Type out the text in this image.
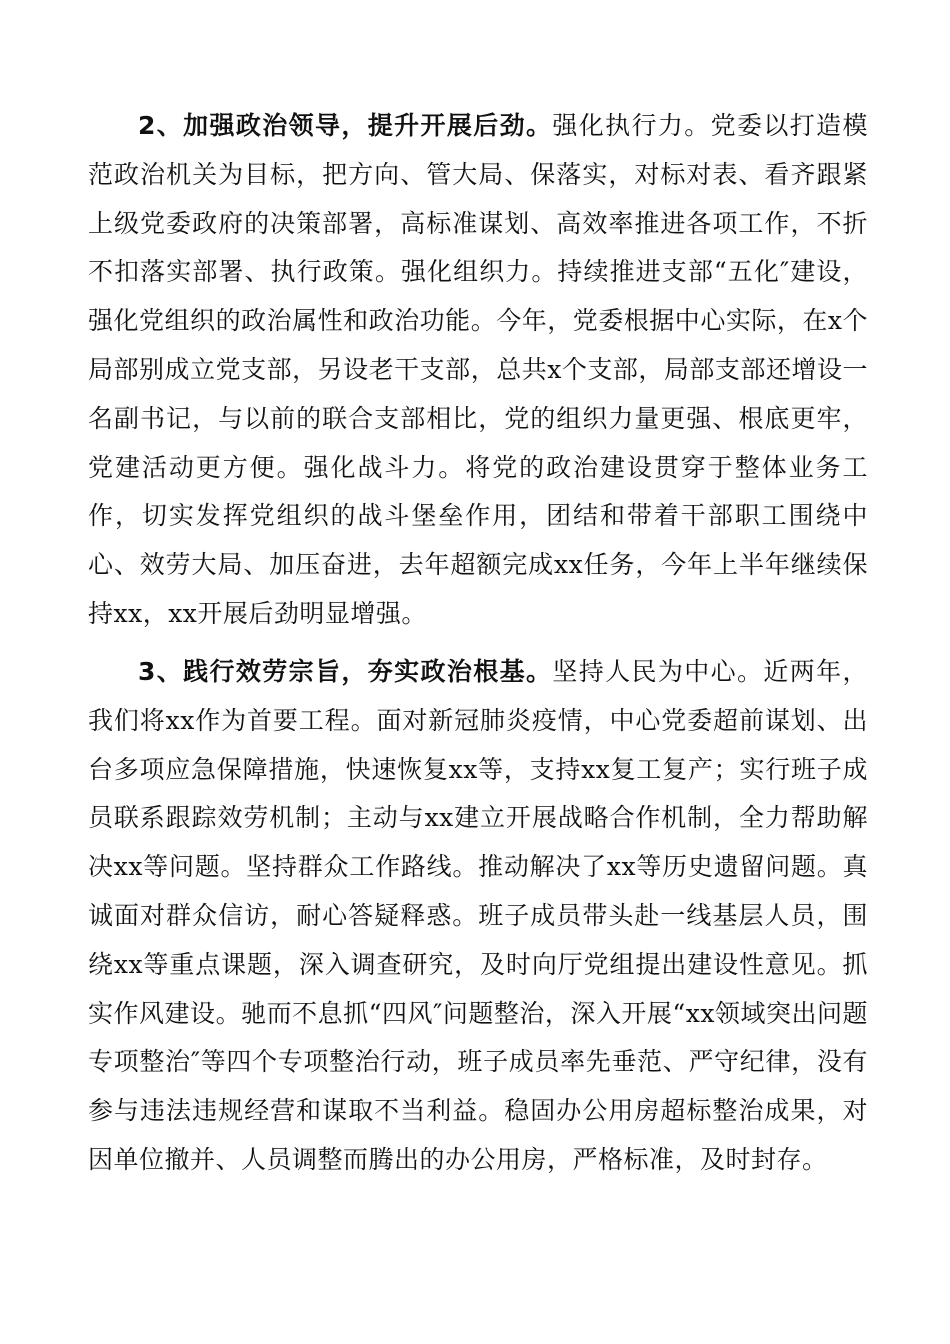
2、加强政治领导，提升开展后劲。强化执行力。党委以打造模范政治机关为目标，把方向、管大局、保落实，对标对表、看齐跟紧上级党委政府的决策部署，高标准谋划、高效率推进各项工作，不折不扣落实部署、执行政策。强化组织力。持续推进支部“五化″建设，强化党组织的政治属性和政治功能。今年，党委根据中心实际，在x个局部别成立党支部，另设老干支部，总共x个支部，局部支部还增设一名副书记，与以前的联合支部相比，党的组织力量更强、根底更牢，党建活动更方便。强化战斗力。将党的政治建设贯穿于整体业务工作，切实发挥党组织的战斗堡垒作用，团结和带着干部职工围绕中心、效劳大局、加压奋进，去年超额完成xx任务，今年上半年继续保持xx，xx开展后劲明显增强。

3、践行效劳宗旨，夯实政治根基。坚持人民为中心。近两年，我们将xx作为首要工程。面对新冠肺炎疫情，中心党委超前谋划、出台多项应急保障措施，快速恢复xx等，支持xx复工复产；实行班子成员联系跟踪效劳机制；主动与xx建立开展战略合作机制，全力帮助解决xx等问题。坚持群众工作路线。推动解决了xx等历史遗留问题。真诚面对群众信访，耐心答疑释惑。班子成员带头赴一线基层人员，围绕xx等重点课题，深入调查研究，及时向厅党组提出建设性意见。抓实作风建设。驰而不息抓“四风″问题整治，深入开展“xx领域突出问题专项整治″等四个专项整治行动，班子成员率先垂范、严守纪律，没有参与违法违规经营和谋取不当利益。稳固办公用房超标整治成果，对因单位撤并、人员调整而腾出的办公用房，严格标准，及时封存。
